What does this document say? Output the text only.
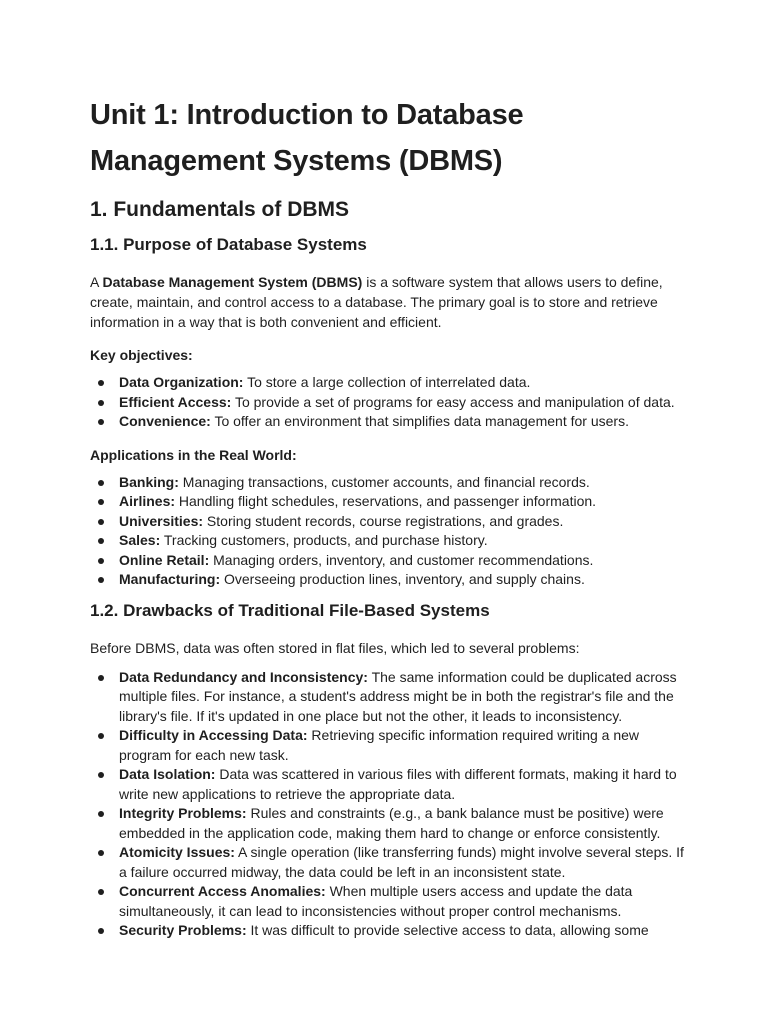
Unit 1: Introduction to Database Management Systems (DBMS)
1. Fundamentals of DBMS
1.1. Purpose of Database Systems

A Database Management System (DBMS) is a software system that allows users to define, create, maintain, and control access to a database. The primary goal is to store and retrieve information in a way that is both convenient and efficient.

Key objectives:

Data Organization: To store a large collection of interrelated data.
Efficient Access: To provide a set of programs for easy access and manipulation of data.
Convenience: To offer an environment that simplifies data management for users.

Applications in the Real World:

Banking: Managing transactions, customer accounts, and financial records.
Airlines: Handling flight schedules, reservations, and passenger information.
Universities: Storing student records, course registrations, and grades.
Sales: Tracking customers, products, and purchase history.
Online Retail: Managing orders, inventory, and customer recommendations.
Manufacturing: Overseeing production lines, inventory, and supply chains.
1.2. Drawbacks of Traditional File-Based Systems

Before DBMS, data was often stored in flat files, which led to several problems:

Data Redundancy and Inconsistency: The same information could be duplicated across multiple files. For instance, a student's address might be in both the registrar's file and the library's file. If it's updated in one place but not the other, it leads to inconsistency.
Difficulty in Accessing Data: Retrieving specific information required writing a new program for each new task.
Data Isolation: Data was scattered in various files with different formats, making it hard to write new applications to retrieve the appropriate data.
Integrity Problems: Rules and constraints (e.g., a bank balance must be positive) were embedded in the application code, making them hard to change or enforce consistently.
Atomicity Issues: A single operation (like transferring funds) might involve several steps. If a failure occurred midway, the data could be left in an inconsistent state.
Concurrent Access Anomalies: When multiple users access and update the data simultaneously, it can lead to inconsistencies without proper control mechanisms.
Security Problems: It was difficult to provide selective access to data, allowing some
